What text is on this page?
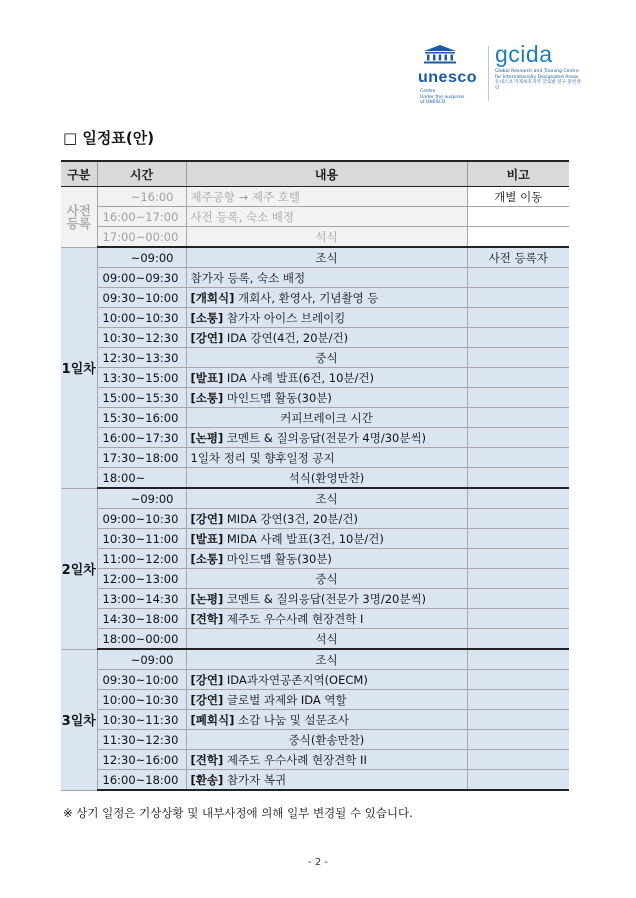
unesco
Centre
Under the auspices
of UNESCO
gcida
Global Research and Training Centre
for Internationally Designated Areas
유네스코 국제보호지역 글로벌 연구·훈련센터
□ 일정표(안)
구분	시간	내용	비고
사전
등록	~16:00	제주공항 → 제주 호텔	개별 이동
	16:00~17:00	사전 등록, 숙소 배정	
	17:00~00:00	석식	
1일차	~09:00	조식	사전 등록자
	09:00~09:30	참가자 등록, 숙소 배정	
	09:30~10:00	[개회식] 개회사, 환영사, 기념촬영 등	
	10:00~10:30	[소통] 참가자 아이스 브레이킹	
	10:30~12:30	[강연] IDA 강연(4건, 20분/건)	
	12:30~13:30	중식	
	13:30~15:00	[발표] IDA 사례 발표(6건, 10분/건)	
	15:00~15:30	[소통] 마인드맵 활동(30분)	
	15:30~16:00	커피브레이크 시간	
	16:00~17:30	[논평] 코멘트 & 질의응답(전문가 4명/30분씩)	
	17:30~18:00	1일차 정리 및 향후일정 공지	
	18:00~	석식(환영만찬)	
2일차	~09:00	조식	
	09:00~10:30	[강연] MIDA 강연(3건, 20분/건)	
	10:30~11:00	[발표] MIDA 사례 발표(3건, 10분/건)	
	11:00~12:00	[소통] 마인드맵 활동(30분)	
	12:00~13:00	중식	
	13:00~14:30	[논평] 코멘트 & 질의응답(전문가 3명/20분씩)	
	14:30~18:00	[견학] 제주도 우수사례 현장견학 I	
	18:00~00:00	석식	
3일차	~09:00	조식	
	09:30~10:00	[강연] IDA과자연공존지역(OECM)	
	10:00~10:30	[강연] 글로벌 과제와 IDA 역할	
	10:30~11:30	[폐회식] 소감 나눔 및 설문조사	
	11:30~12:30	중식(환송만찬)	
	12:30~16:00	[견학] 제주도 우수사례 현장견학 II	
	16:00~18:00	[환송] 참가자 복귀	
※ 상기 일정은 기상상황 및 내부사정에 의해 일부 변경될 수 있습니다.
- 2 -
